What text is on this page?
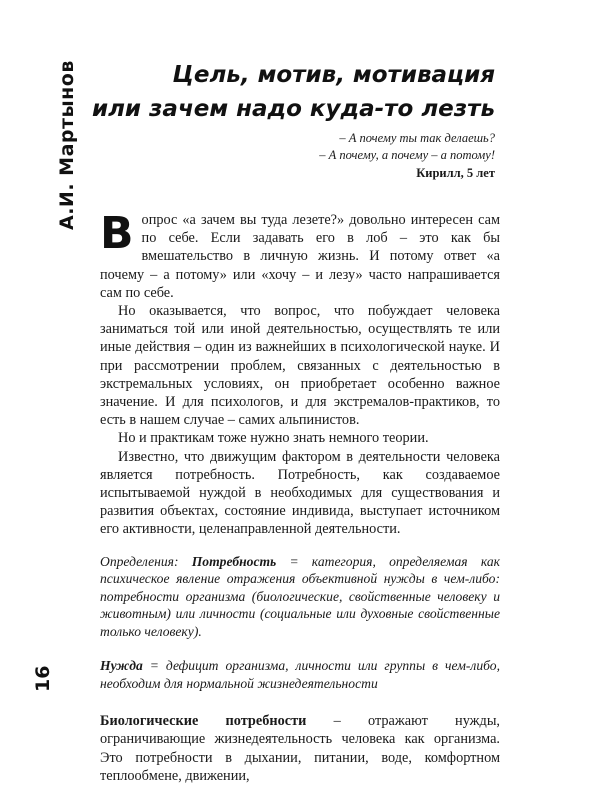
А.И. Мартынов
16
Цель, мотив, мотивация
или зачем надо куда-то лезть
– А почему ты так делаешь?
– А почему, а почему – а потому!
Кирилл, 5 лет

Вопрос «а зачем вы туда лезете?» довольно интересен сам по себе. Если задавать его в лоб – это как бы вмешательство в личную жизнь. И потому ответ «а почему – а потому» или «хочу – и лезу» часто напрашивается сам по себе.

Но оказывается, что вопрос, что побуждает человека заниматься той или иной деятельностью, осуществлять те или иные действия – один из важнейших в психологической науке. И при рассмотрении проблем, связанных с деятельностью в экстремальных условиях, он приобретает особенно важное значение. И для психологов, и для экстремалов-практиков, то есть в нашем случае – самих альпинистов.

Но и практикам тоже нужно знать немного теории.

Известно, что движущим фактором в деятельности человека является потребность. Потребность, как создаваемое испытываемой нуждой в необходимых для существования и развития объектах, состояние индивида, выступает источником его активности, целенаправленной деятельности.

Определения: Потребность = категория, определяемая как психическое явление отражения объективной нужды в чем-либо: потребности организма (биологические, свойственные человеку и животным) или личности (социальные или духовные свойственные только человеку).

Нужда = дефицит организма, личности или группы в чем-либо, необходим для нормальной жизнедеятельности

Биологические потребности – отражают нужды, ограничивающие жизнедеятельность человека как организма. Это потребности в дыхании, питании, воде, комфортном теплообмене, движении,
